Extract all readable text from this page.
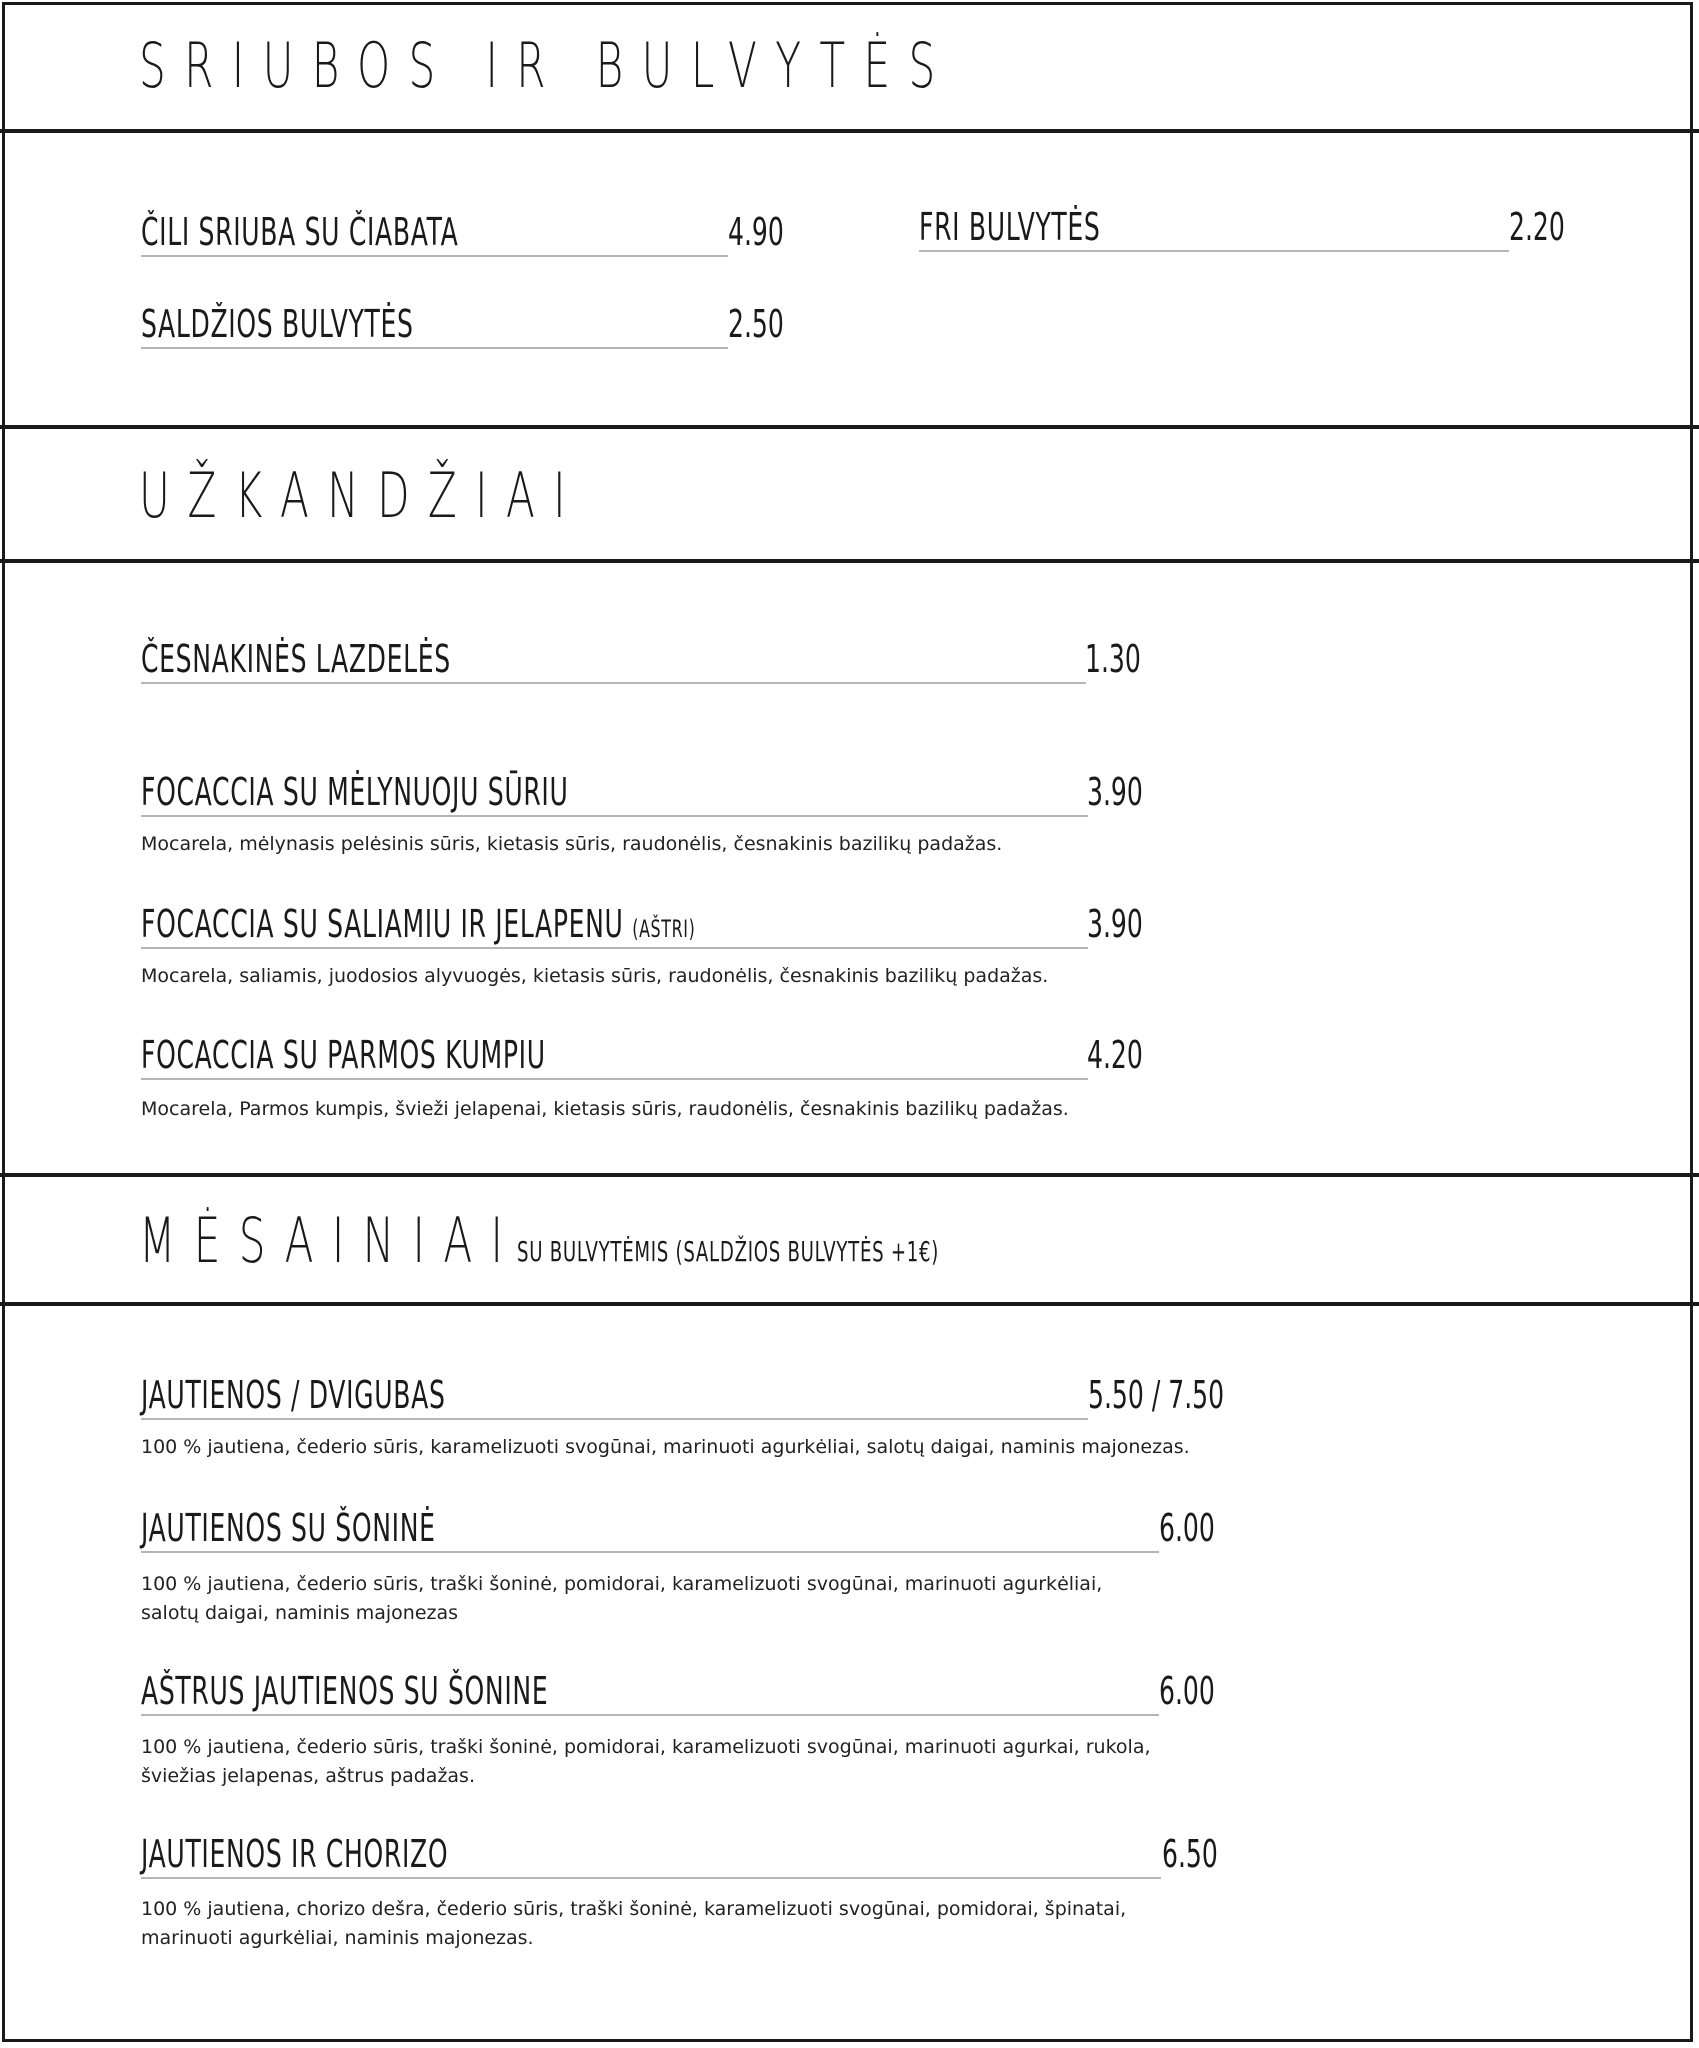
SRIUBOS IR BULVYTĖS
ČILI SRIUBA SU ČIABATA	4.90
SALDŽIOS BULVYTĖS	2.50
FRI BULVYTĖS	2.20
UŽKANDŽIAI
ČESNAKINĖS LAZDELĖS	1.30
FOCACCIA SU MĖLYNUOJU SŪRIU	3.90
Mocarela, mėlynasis pelėsinis sūris, kietasis sūris, raudonėlis, česnakinis bazilikų padažas.
FOCACCIA SU SALIAMIU IR JELAPENU (AŠTRI)	3.90
Mocarela, saliamis, juodosios alyvuogės, kietasis sūris, raudonėlis, česnakinis bazilikų padažas.
FOCACCIA SU PARMOS KUMPIU	4.20
Mocarela, Parmos kumpis, švieži jelapenai, kietasis sūris, raudonėlis, česnakinis bazilikų padažas.
MĖSAINIAI
SU BULVYTĖMIS (SALDŽIOS BULVYTĖS +1€)
JAUTIENOS / DVIGUBAS	5.50 / 7.50
100 % jautiena, čederio sūris, karamelizuoti svogūnai, marinuoti agurkėliai, salotų daigai, naminis majonezas.
JAUTIENOS SU ŠONINĖ	6.00
100 % jautiena, čederio sūris, traški šoninė, pomidorai, karamelizuoti svogūnai, marinuoti agurkėliai,
salotų daigai, naminis majonezas
AŠTRUS JAUTIENOS SU ŠONINE	6.00
100 % jautiena, čederio sūris, traški šoninė, pomidorai, karamelizuoti svogūnai, marinuoti agurkai, rukola,
šviežias jelapenas, aštrus padažas.
JAUTIENOS IR CHORIZO	6.50
100 % jautiena, chorizo dešra, čederio sūris, traški šoninė, karamelizuoti svogūnai, pomidorai, špinatai,
marinuoti agurkėliai, naminis majonezas.
